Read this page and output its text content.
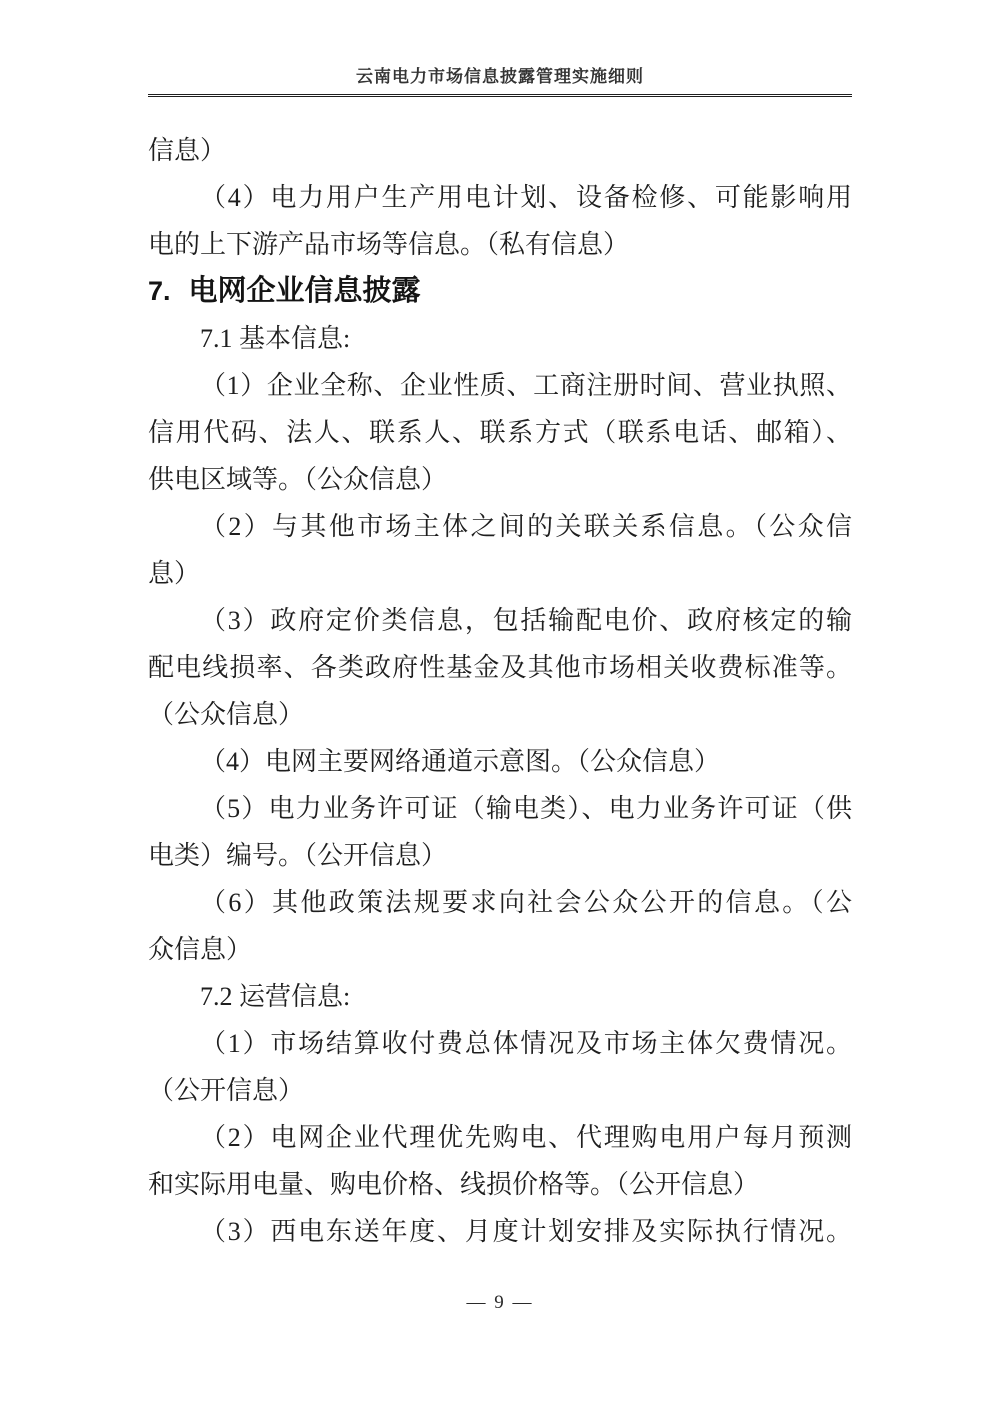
云南电力市场信息披露管理实施细则
信息）
（4）电力用户生产用电计划、设备检修、可能影响用
电的上下游产品市场等信息。（私有信息）
7. 电网企业信息披露
7.1 基本信息:
（1）企业全称、企业性质、工商注册时间、营业执照、
信用代码、法人、联系人、联系方式（联系电话、邮箱）、
供电区域等。（公众信息）
（2）与其他市场主体之间的关联关系信息。（公众信
息）
（3）政府定价类信息，包括输配电价、政府核定的输
配电线损率、各类政府性基金及其他市场相关收费标准等。
（公众信息）
（4）电网主要网络通道示意图。（公众信息）
（5）电力业务许可证（输电类）、电力业务许可证（供
电类）编号。（公开信息）
（6）其他政策法规要求向社会公众公开的信息。（公
众信息）
7.2 运营信息:
（1）市场结算收付费总体情况及市场主体欠费情况。
（公开信息）
（2）电网企业代理优先购电、代理购电用户每月预测
和实际用电量、购电价格、线损价格等。（公开信息）
（3）西电东送年度、月度计划安排及实际执行情况。
— 9 —
